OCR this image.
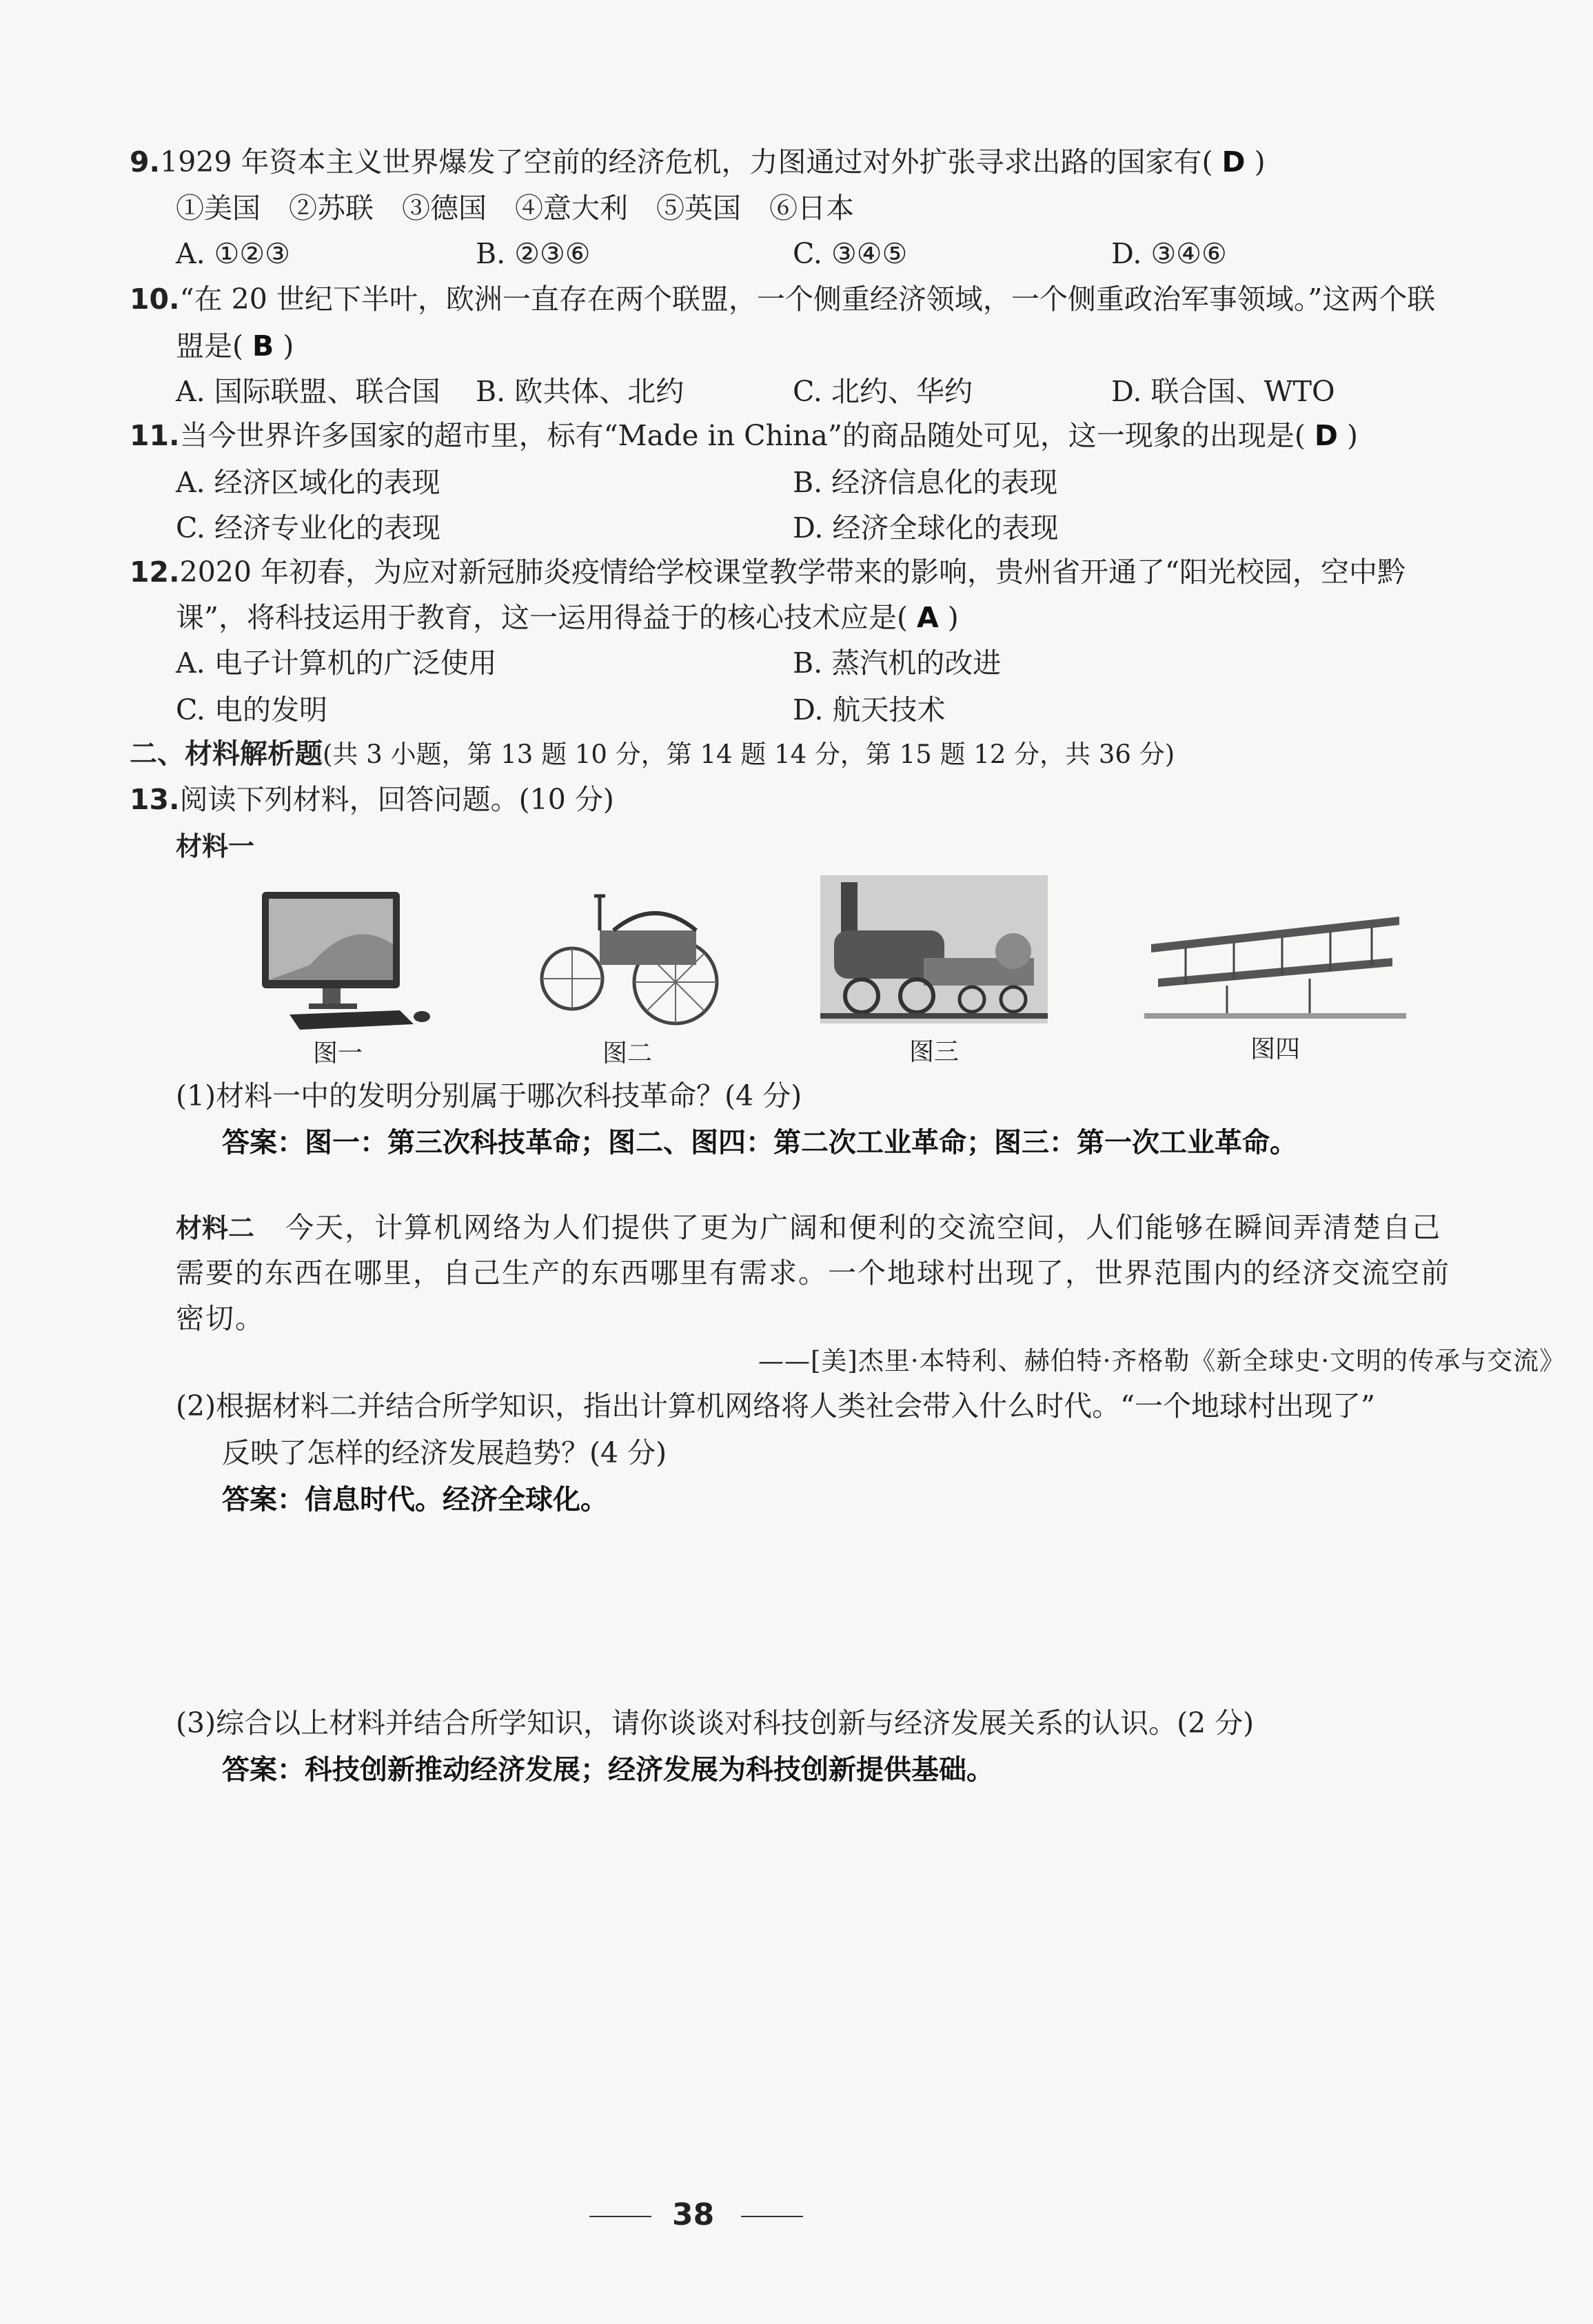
9.1929 年资本主义世界爆发了空前的经济危机，力图通过对外扩张寻求出路的国家有( D )
①美国　②苏联　③德国　④意大利　⑤英国　⑥日本
A. ①②③	B. ②③⑥	C. ③④⑤	D. ③④⑥
10.“在 20 世纪下半叶，欧洲一直存在两个联盟，一个侧重经济领域，一个侧重政治军事领域。”这两个联
盟是( B )
A. 国际联盟、联合国 B. 欧共体、北约	C. 北约、华约	D. 联合国、WTO
11.当今世界许多国家的超市里，标有“Made in China”的商品随处可见，这一现象的出现是( D )
A. 经济区域化的表现	B. 经济信息化的表现
C. 经济专业化的表现	D. 经济全球化的表现
12.2020 年初春，为应对新冠肺炎疫情给学校课堂教学带来的影响，贵州省开通了“阳光校园，空中黔
课”，将科技运用于教育，这一运用得益于的核心技术应是( A )
A. 电子计算机的广泛使用	B. 蒸汽机的改进
C. 电的发明	D. 航天技术
二、材料解析题(共 3 小题，第 13 题 10 分，第 14 题 14 分，第 15 题 12 分，共 36 分)
13.阅读下列材料，回答问题。(10 分)
材料一
图一	图二	图三	图四
(1)材料一中的发明分别属于哪次科技革命？(4 分)
答案：图一：第三次科技革命；图二、图四：第二次工业革命；图三：第一次工业革命。
材料二 今天，计算机网络为人们提供了更为广阔和便利的交流空间，人们能够在瞬间弄清楚自己
需要的东西在哪里，自己生产的东西哪里有需求。一个地球村出现了，世界范围内的经济交流空前
密切。
——[美]杰里·本特利、赫伯特·齐格勒《新全球史·文明的传承与交流》
(2)根据材料二并结合所学知识，指出计算机网络将人类社会带入什么时代。“一个地球村出现了”
反映了怎样的经济发展趋势？(4 分)
答案：信息时代。经济全球化。
(3)综合以上材料并结合所学知识，请你谈谈对科技创新与经济发展关系的认识。(2 分)
答案：科技创新推动经济发展；经济发展为科技创新提供基础。
38
